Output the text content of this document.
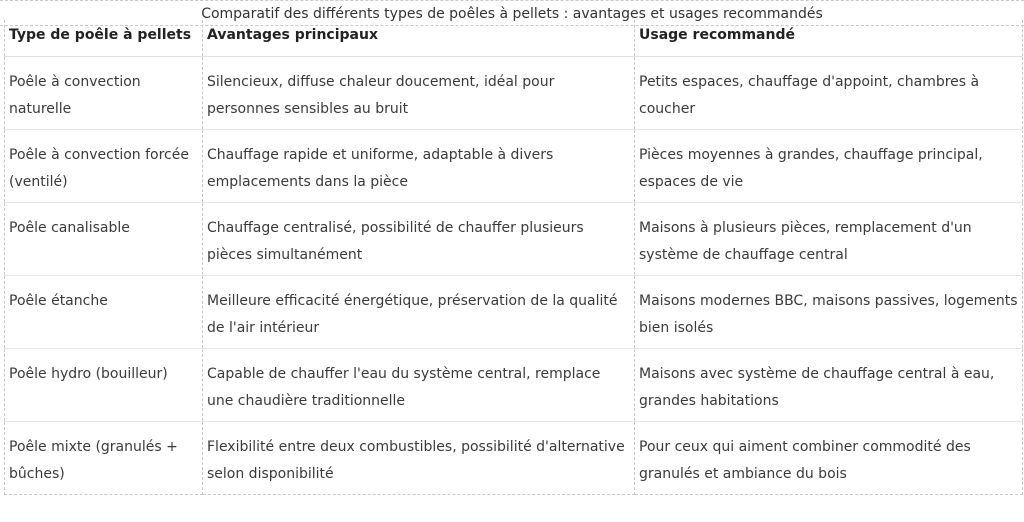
Comparatif des différents types de poêles à pellets : avantages et usages recommandés
Type de poêle à pellets	Avantages principaux	Usage recommandé
Poêle à convection naturelle	Silencieux, diffuse chaleur doucement, idéal pour personnes sensibles au bruit	Petits espaces, chauffage d'appoint, chambres à coucher
Poêle à convection forcée (ventilé)	Chauffage rapide et uniforme, adaptable à divers emplacements dans la pièce	Pièces moyennes à grandes, chauffage principal, espaces de vie
Poêle canalisable	Chauffage centralisé, possibilité de chauffer plusieurs pièces simultanément	Maisons à plusieurs pièces, remplacement d'un système de chauffage central
Poêle étanche	Meilleure efficacité énergétique, préservation de la qualité de l'air intérieur	Maisons modernes BBC, maisons passives, logements bien isolés
Poêle hydro (bouilleur)	Capable de chauffer l'eau du système central, remplace une chaudière traditionnelle	Maisons avec système de chauffage central à eau, grandes habitations
Poêle mixte (granulés + bûches)	Flexibilité entre deux combustibles, possibilité d'alternative selon disponibilité	Pour ceux qui aiment combiner commodité des granulés et ambiance du bois
